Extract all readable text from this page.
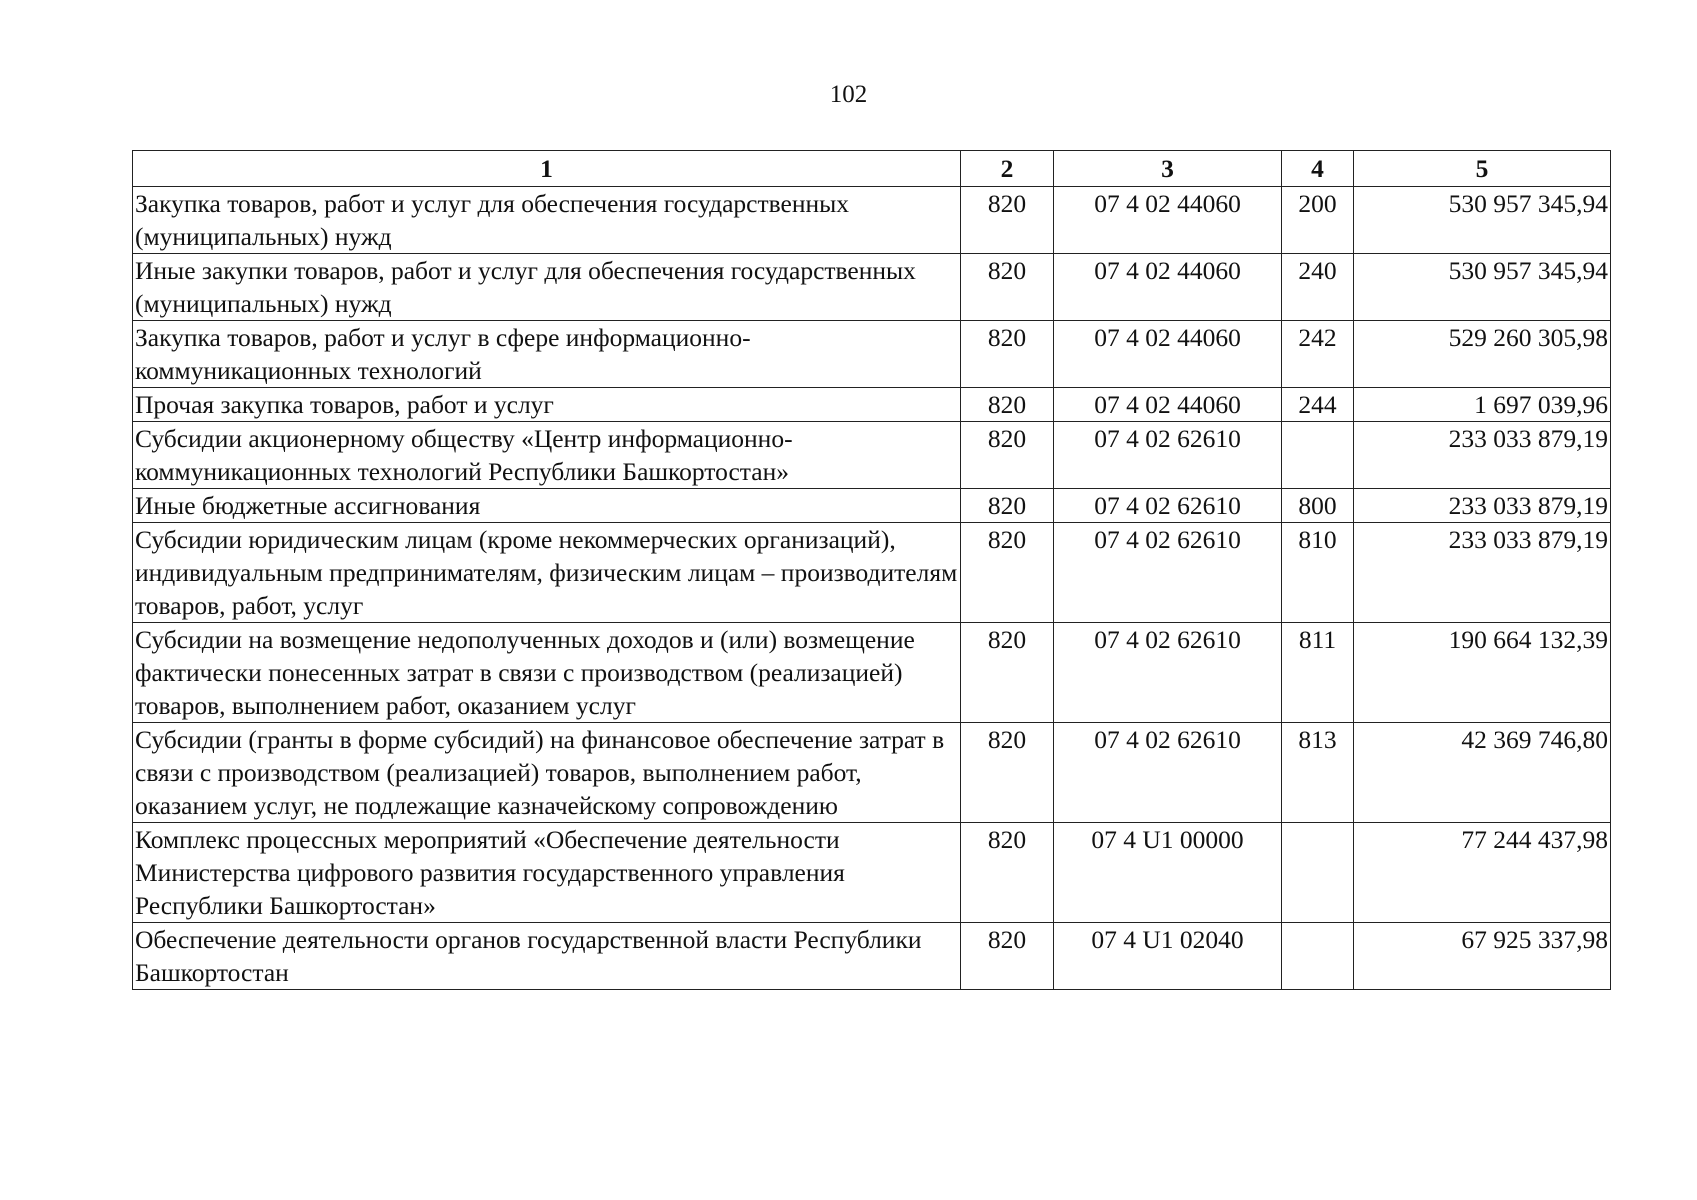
102
1	2	3	4	5
Закупка товаров, работ и услуг для обеспечения государственных (муниципальных) нужд	820	07 4 02 44060	200	530 957 345,94
Иные закупки товаров, работ и услуг для обеспечения государственных (муниципальных) нужд	820	07 4 02 44060	240	530 957 345,94
Закупка товаров, работ и услуг в сфере информационно-коммуникационных технологий	820	07 4 02 44060	242	529 260 305,98
Прочая закупка товаров, работ и услуг	820	07 4 02 44060	244	1 697 039,96
Субсидии акционерному обществу «Центр информационно-коммуникационных технологий Республики Башкортостан»	820	07 4 02 62610		233 033 879,19
Иные бюджетные ассигнования	820	07 4 02 62610	800	233 033 879,19
Субсидии юридическим лицам (кроме некоммерческих организаций), индивидуальным предпринимателям, физическим лицам – производителям товаров, работ, услуг	820	07 4 02 62610	810	233 033 879,19
Субсидии на возмещение недополученных доходов и (или) возмещение фактически понесенных затрат в связи с производством (реализацией) товаров, выполнением работ, оказанием услуг	820	07 4 02 62610	811	190 664 132,39
Субсидии (гранты в форме субсидий) на финансовое обеспечение затрат в связи с производством (реализацией) товаров, выполнением работ, оказанием услуг, не подлежащие казначейскому сопровождению	820	07 4 02 62610	813	42 369 746,80
Комплекс процессных мероприятий «Обеспечение деятельности Министерства цифрового развития государственного управления Республики Башкортостан»	820	07 4 U1 00000		77 244 437,98
Обеспечение деятельности органов государственной власти Республики Башкортостан	820	07 4 U1 02040		67 925 337,98
